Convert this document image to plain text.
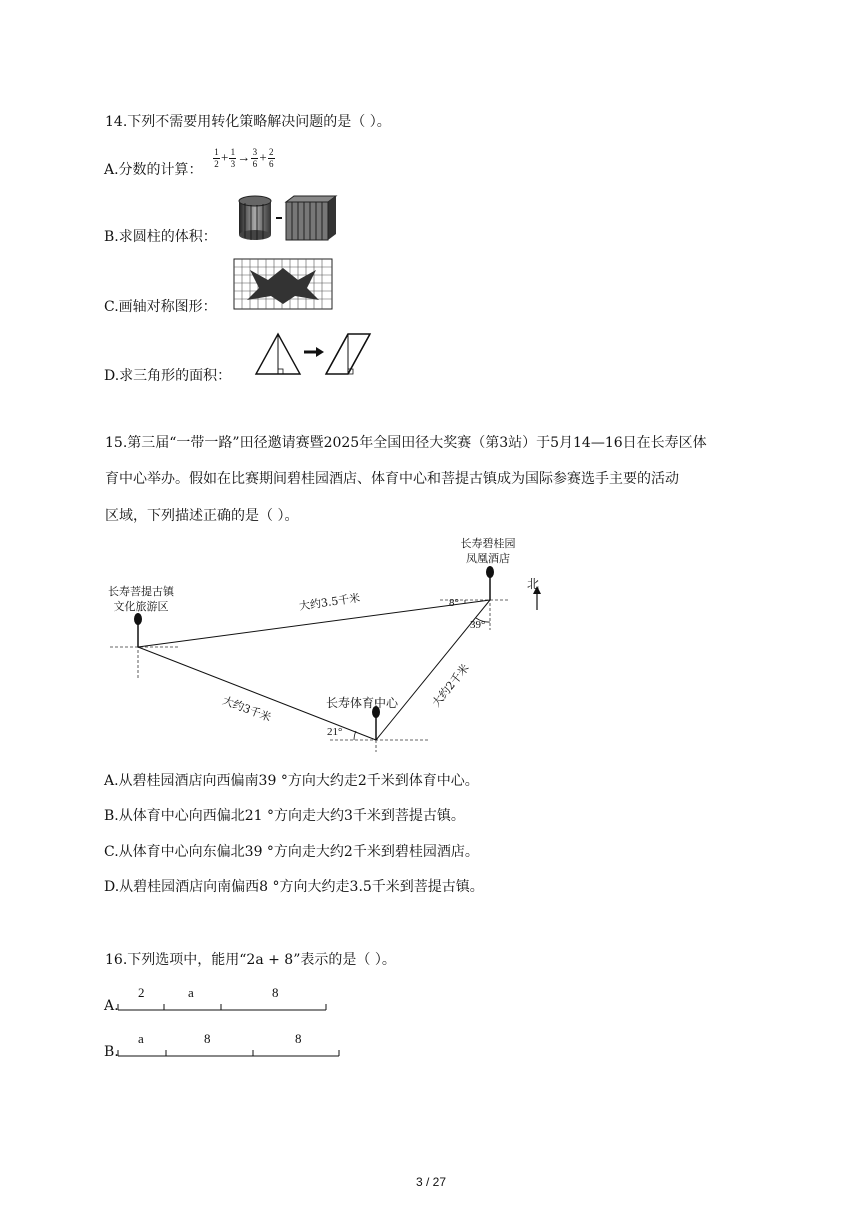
14.下列不需要用转化策略解决问题的是（ ）。
A.分数的计算：
$\frac{1}{2} + \frac{1}{3} \to \frac{3}{6} + \frac{2}{6}$
B.求圆柱的体积：
C.画轴对称图形：
D.求三角形的面积：
15.第三届“一带一路”田径邀请赛暨2025年全国田径大奖赛（第3站）于5月14—16日在长寿区体
育中心举办。假如在比赛期间碧桂园酒店、体育中心和菩提古镇成为国际参赛选手主要的活动
区域，下列描述正确的是（ ）。
长寿碧桂园
凤凰酒店
长寿菩提古镇
文化旅游区
长寿体育中心
北
大约3.5千米
大约3千米	大约2千米
8°
39°
21°
A.从碧桂园酒店向西偏南39 °方向大约走2千米到体育中心。
B.从体育中心向西偏北21 °方向走大约3千米到菩提古镇。
C.从体育中心向东偏北39 °方向走大约2千米到碧桂园酒店。
D.从碧桂园酒店向南偏西8 °方向大约走3.5千米到菩提古镇。
16.下列选项中，能用“2a + 8”表示的是（ ）。
A.
2	a	8
B.
a	8	8
3 / 27
